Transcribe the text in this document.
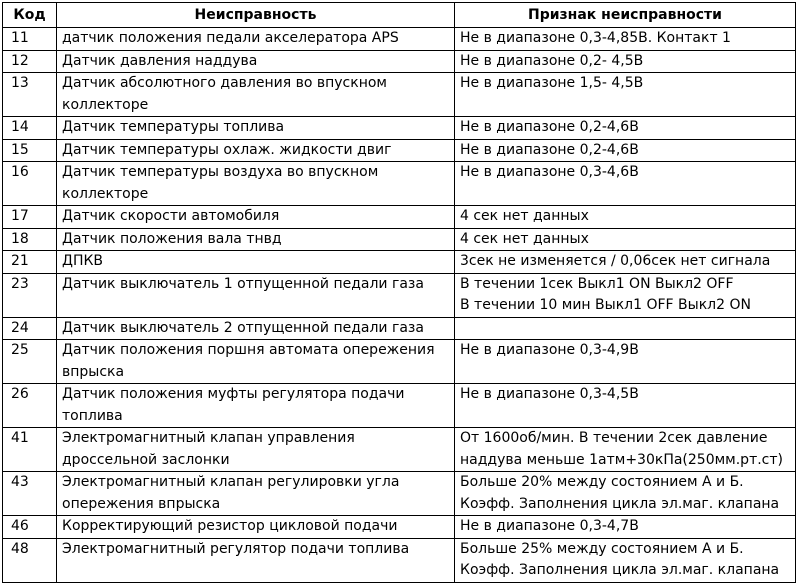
Код	Неисправность	Признак неисправности
11	датчик положения педали акселератора APS	Не в диапазоне 0,3-4,85В. Контакт 1
12	Датчик давления наддува	Не в диапазоне 0,2- 4,5В
13	Датчик абсолютного давления во впускном коллекторе	Не в диапазоне 1,5- 4,5В
14	Датчик температуры топлива	Не в диапазоне 0,2-4,6В
15	Датчик температуры охлаж. жидкости двиг	Не в диапазоне 0,2-4,6В
16	Датчик температуры воздуха во впускном коллекторе	Не в диапазоне 0,3-4,6В
17	Датчик скорости автомобиля	4 сек нет данных
18	Датчик положения вала тнвд	4 сек нет данных
21	ДПКВ	3сек не изменяется / 0,06сек нет сигнала
23	Датчик выключатель 1 отпущенной педали газа	В течении 1сек Выкл1 ON Выкл2 OFF
В течении 10 мин Выкл1 OFF Выкл2 ON
24	Датчик выключатель 2 отпущенной педали газа	
25	Датчик положения поршня автомата опережения впрыска	Не в диапазоне 0,3-4,9В
26	Датчик положения муфты регулятора подачи топлива	Не в диапазоне 0,3-4,5В
41	Электромагнитный клапан управления дроссельной заслонки	От 1600об/мин. В течении 2сек давление наддува меньше 1атм+30кПа(250мм.рт.ст)
43	Электромагнитный клапан регулировки угла опережения впрыска	Больше 20% между состоянием А и Б. Коэфф. Заполнения цикла эл.маг. клапана
46	Корректирующий резистор цикловой подачи	Не в диапазоне 0,3-4,7В
48	Электромагнитный регулятор подачи топлива	Больше 25% между состоянием А и Б. Коэфф. Заполнения цикла эл.маг. клапана
